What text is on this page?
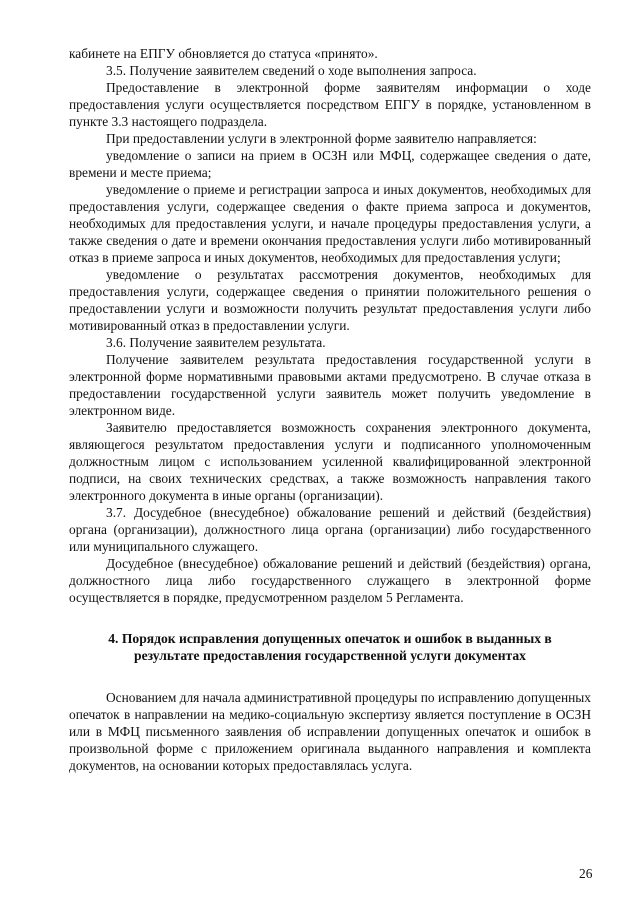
кабинете на ЕПГУ обновляется до статуса «принято».

3.5. Получение заявителем сведений о ходе выполнения запроса.

Предоставление в электронной форме заявителям информации о ходе предоставления услуги осуществляется посредством ЕПГУ в порядке, установленном в пункте 3.3 настоящего подраздела.

При предоставлении услуги в электронной форме заявителю направляется:

уведомление о записи на прием в ОСЗН или МФЦ, содержащее сведения о дате, времени и месте приема;

уведомление о приеме и регистрации запроса и иных документов, необходимых для предоставления услуги, содержащее сведения о факте приема запроса и документов, необходимых для предоставления услуги, и начале процедуры предоставления услуги, а также сведения о дате и времени окончания предоставления услуги либо мотивированный отказ в приеме запроса и иных документов, необходимых для предоставления услуги;

уведомление о результатах рассмотрения документов, необходимых для предоставления услуги, содержащее сведения о принятии положительного решения о предоставлении услуги и возможности получить результат предоставления услуги либо мотивированный отказ в предоставлении услуги.

3.6. Получение заявителем результата.

Получение заявителем результата предоставления государственной услуги в электронной форме нормативными правовыми актами предусмотрено. В случае отказа в предоставлении государственной услуги заявитель может получить уведомление в электронном виде.

Заявителю предоставляется возможность сохранения электронного документа, являющегося результатом предоставления услуги и подписанного уполномоченным должностным лицом с использованием усиленной квалифицированной электронной подписи, на своих технических средствах, а также возможность направления такого электронного документа в иные органы (организации).

3.7. Досудебное (внесудебное) обжалование решений и действий (бездействия) органа (организации), должностного лица органа (организации) либо государственного или муниципального служащего.

Досудебное (внесудебное) обжалование решений и действий (бездействия) органа, должностного лица либо государственного служащего в электронной форме осуществляется в порядке, предусмотренном разделом 5 Регламента.

4. Порядок исправления допущенных опечаток и ошибок в выданных в результате предоставления государственной услуги документах

Основанием для начала административной процедуры по исправлению допущенных опечаток в направлении на медико-социальную экспертизу является поступление в ОСЗН или в МФЦ письменного заявления об исправлении допущенных опечаток и ошибок в произвольной форме с приложением оригинала выданного направления и комплекта документов, на основании которых предоставлялась услуга.

26
